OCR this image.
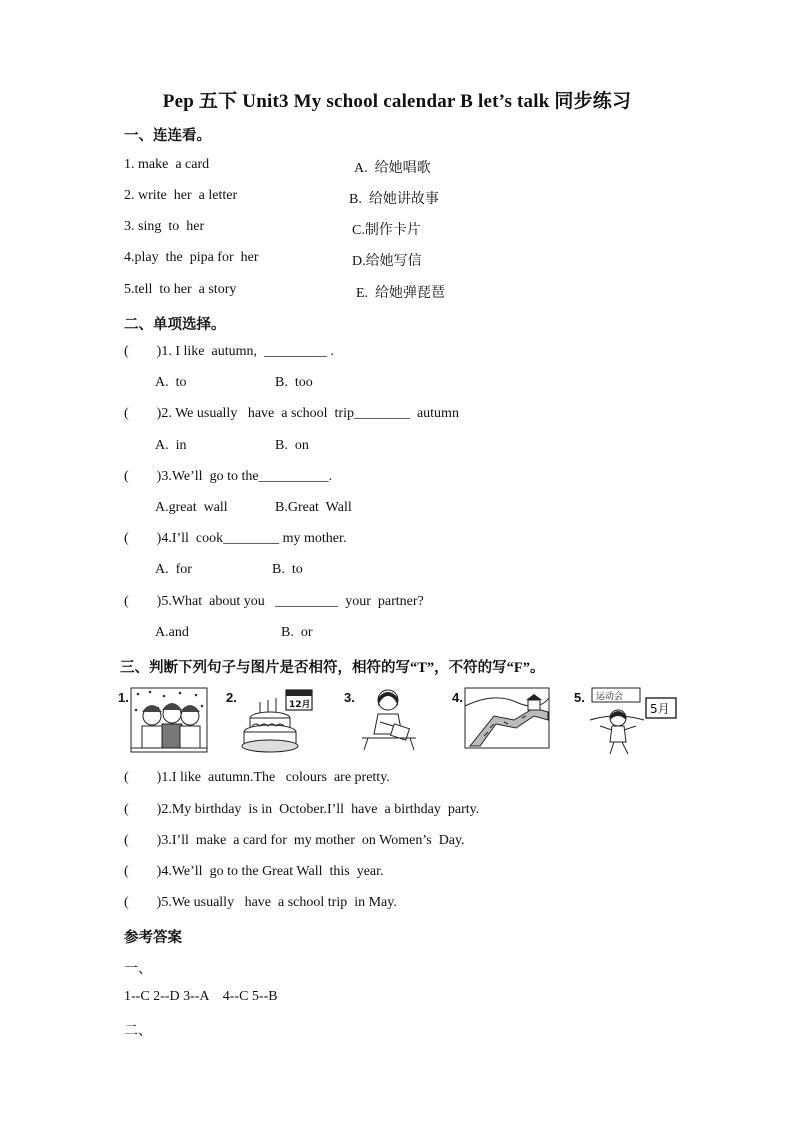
Pep 五下 Unit3 My school calendar B let’s talk 同步练习
一、连连看。
1. make  a card
2. write  her  a letter
3. sing  to  her
4.play  the  pipa for  her
5.tell  to her  a story
A.  给她唱歌
B.  给她讲故事
C.制作卡片
D.给她写信
E.  给她弹琵琶
二、单项选择。
(        )1. I like  autumn,  _________ .
A.  to	B.  too
(        )2. We usually   have  a school  trip________  autumn
A.  in	B.  on
(        )3.We’ll  go to the__________.
A.great  wall	B.Great  Wall
(        )4.I’ll  cook________ my mother.
A.  for	B.  to
(        )5.What  about you   _________  your  partner?
A.and	B.  or
三、判断下列句子与图片是否相符，相符的写“T”，不符的写“F”。
1.	2.	12月	3.	4.	5. 运动会
5月
(        )1.I like  autumn.The   colours  are pretty.
(        )2.My birthday  is in  October.I’ll  have  a birthday  party.
(        )3.I’ll  make  a card for  my mother  on Women’s  Day.
(        )4.We’ll  go to the Great Wall  this  year.
(        )5.We usually   have  a school trip  in May.
参考答案
一、
1--C 2--D 3--A    4--C 5--B
二、
